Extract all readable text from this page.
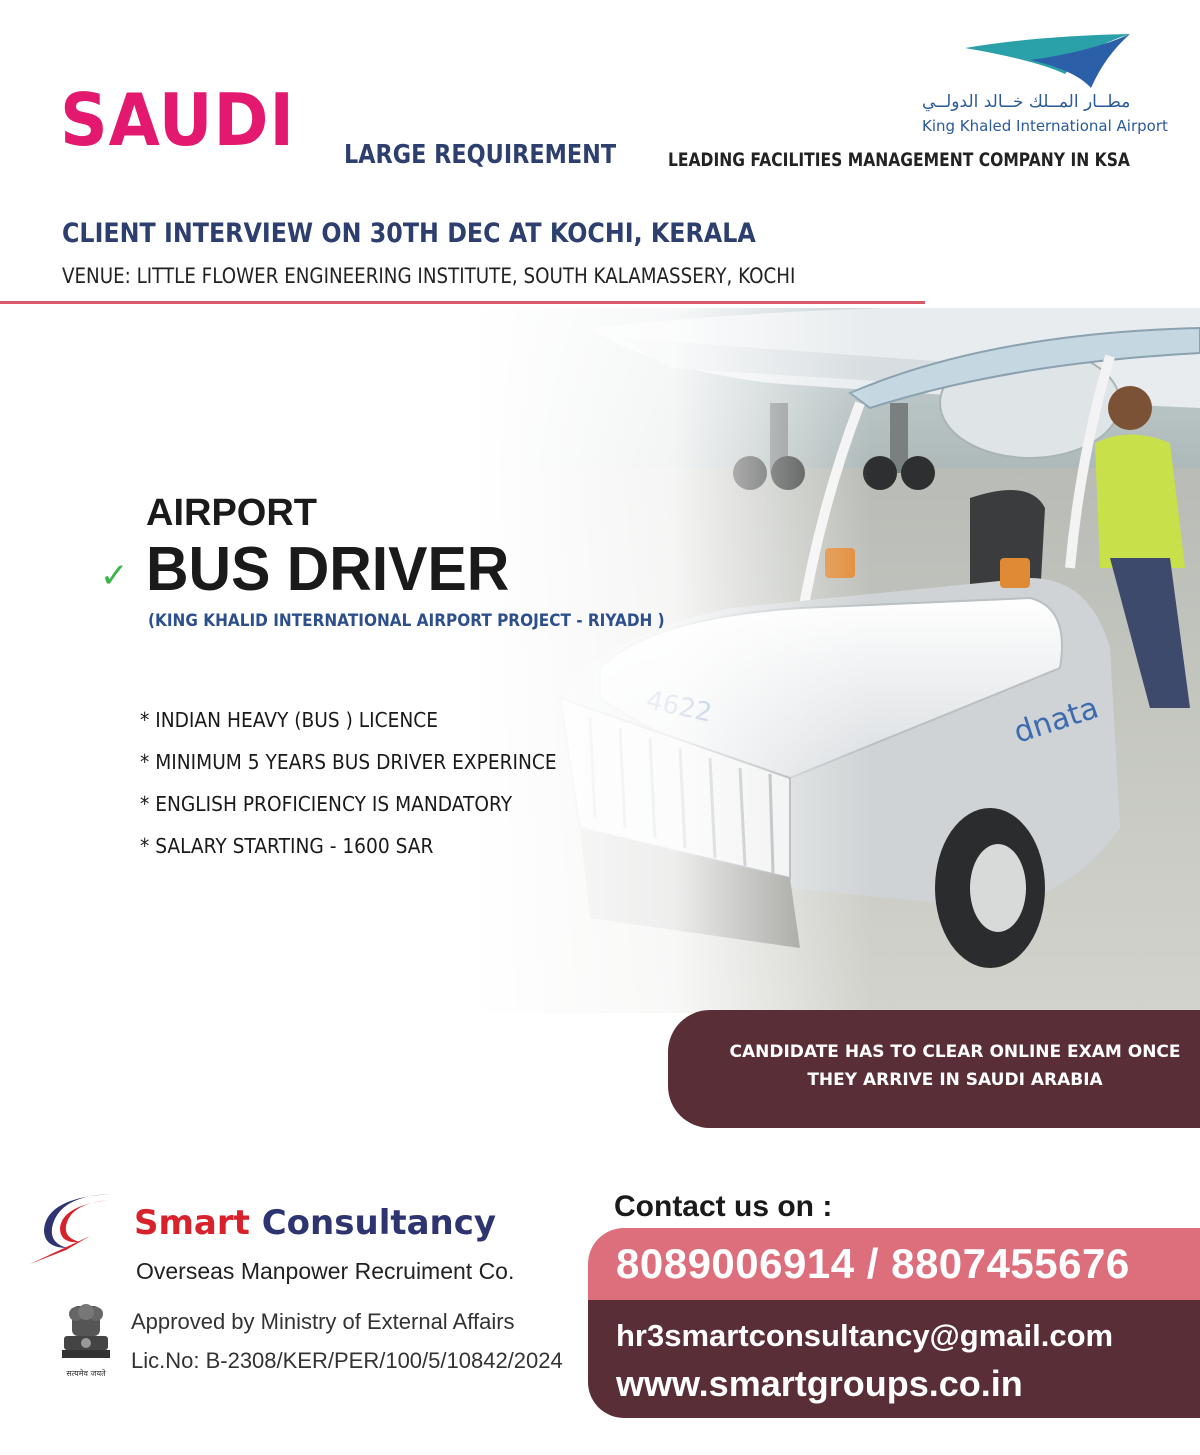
SAUDI LARGE REQUIREMENT	LEADING FACILITIES MANAGEMENT COMPANY IN KSA
مطــار المــلك خــالد الدولــي
King Khaled International Airport
CLIENT INTERVIEW ON 30TH DEC AT KOCHI, KERALA
VENUE: LITTLE FLOWER ENGINEERING INSTITUTE, SOUTH KALAMASSERY, KOCHI
AIRPORT
✓ BUS DRIVER
(KING KHALID INTERNATIONAL AIRPORT PROJECT - RIYADH )
* INDIAN HEAVY (BUS ) LICENCE
* MINIMUM 5 YEARS BUS DRIVER EXPERINCE
* ENGLISH PROFICIENCY IS MANDATORY
* SALARY STARTING - 1600 SAR
CANDIDATE HAS TO CLEAR ONLINE EXAM ONCE
THEY ARRIVE IN SAUDI ARABIA
Smart Consultancy
Overseas Manpower Recruiment Co.
सत्यमेव जयते
Approved by Ministry of External Affairs
Lic.No: B-2308/KER/PER/100/5/10842/2024
Contact us on :
8089006914 / 8807455676
hr3smartconsultancy@gmail.com
www.smartgroups.co.in
